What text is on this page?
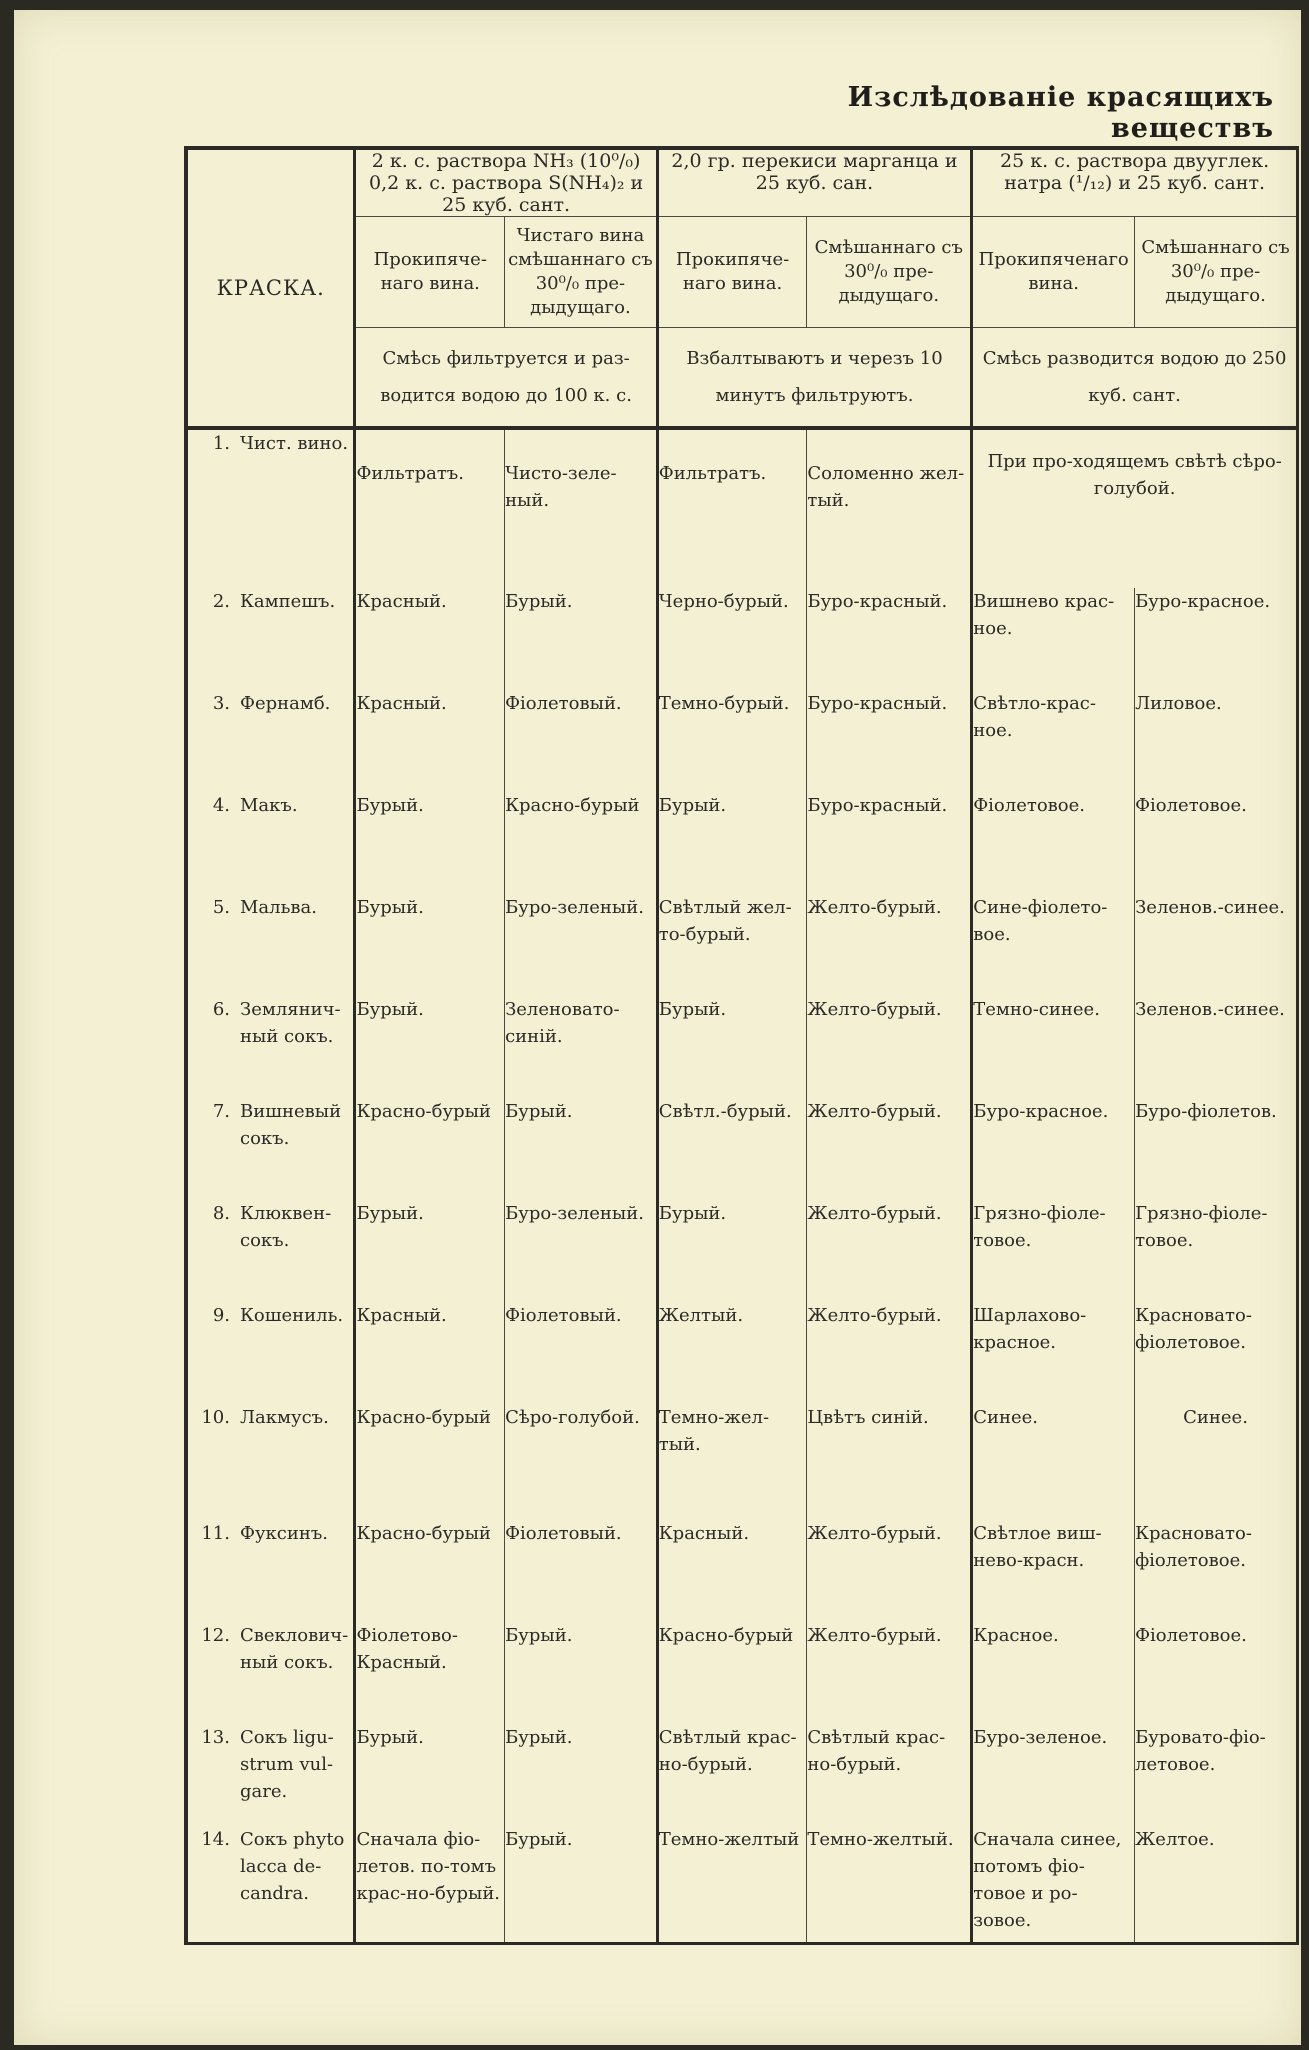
Изслѣдованіе красящихъ веществъ
КРАСКА.	2 к. с. раствора NH₃ (10⁰/₀) 0,2 к. с. раствора S(NH₄)₂ и 25 куб. сант.		2,0 гр. перекиси марганца и 25 куб. сан.		25 к. с. раствора двууглек. натра (¹/₁₂) и 25 куб. сант.	
	Прокипяче-наго вина.	Чистаго вина смѣшаннаго съ 30⁰/₀ пре-дыдущаго.	Прокипяче-наго вина.	Смѣшаннаго съ 30⁰/₀ пре-дыдущаго.	Прокипяченаго вина.	Смѣшаннаго съ 30⁰/₀ пре-дыдущаго.
	Смѣсь фильтруется и раз-водится водою до 100 к. с.		Взбалтываютъ и черезъ 10 минутъ фильтруютъ.		Смѣсь разводится водою до 250 куб. сант.	

1. Чист. вино.	Фильтратъ.	Чисто-зеле-ный.	Фильтратъ.	Соломенно жел-тый.	При про-ходящемъ свѣтѣ сѣро-голубой.	

2. Кампешъ.	Красный.	Бурый.	Черно-бурый.	Буро-красный.	Вишнево крас-ное.	Буро-красное.

3. Фернамб.	Красный.	Фіолетовый.	Темно-бурый.	Буро-красный.	Свѣтло-крас-ное.	Лиловое.

4. Макъ.	Бурый.	Красно-бурый	Бурый.	Буро-красный.	Фіолетовое.	Фіолетовое.

5. Мальва.	Бурый.	Буро-зеленый.	Свѣтлый жел-то-бурый.	Желто-бурый.	Сине-фіолето-вое.	Зеленов.-синее.

6. Землянич-ный сокъ.	Бурый.	Зеленовато-синій.	Бурый.	Желто-бурый.	Темно-синее.	Зеленов.-синее.

7. Вишневый сокъ.	Красно-бурый	Бурый.	Свѣтл.-бурый.	Желто-бурый.	Буро-красное.	Буро-фіолетов.

8. Клюквен-сокъ.	Бурый.	Буро-зеленый.	Бурый.	Желто-бурый.	Грязно-фіоле-товое.	Грязно-фіоле-товое.

9. Кошениль.	Красный.	Фіолетовый.	Желтый.	Желто-бурый.	Шарлахово-красное.	Красновато-фіолетовое.

10. Лакмусъ.	Красно-бурый	Сѣро-голубой.	Темно-жел-тый.	Цвѣтъ синій.	Синее.	Синее.

11. Фуксинъ.	Красно-бурый	Фіолетовый.	Красный.	Желто-бурый.	Свѣтлое виш-нево-красн.	Красновато-фіолетовое.

12. Свеклович-ный сокъ.	Фіолетово-Красный.	Бурый.	Красно-бурый	Желто-бурый.	Красное.	Фіолетовое.

13. Сокъ ligu-strum vul-gare.	Бурый.	Бурый.	Свѣтлый крас-но-бурый.	Свѣтлый крас-но-бурый.	Буро-зеленое.	Буровато-фіо-летовое.

14. Сокъ phyto lacca de-candra.	Сначала фіо-летов. по-томъ крас-но-бурый.	Бурый.	Темно-желтый	Темно-желтый.	Сначала синее, потомъ фіо-товое и ро-зовое.	Желтое.
